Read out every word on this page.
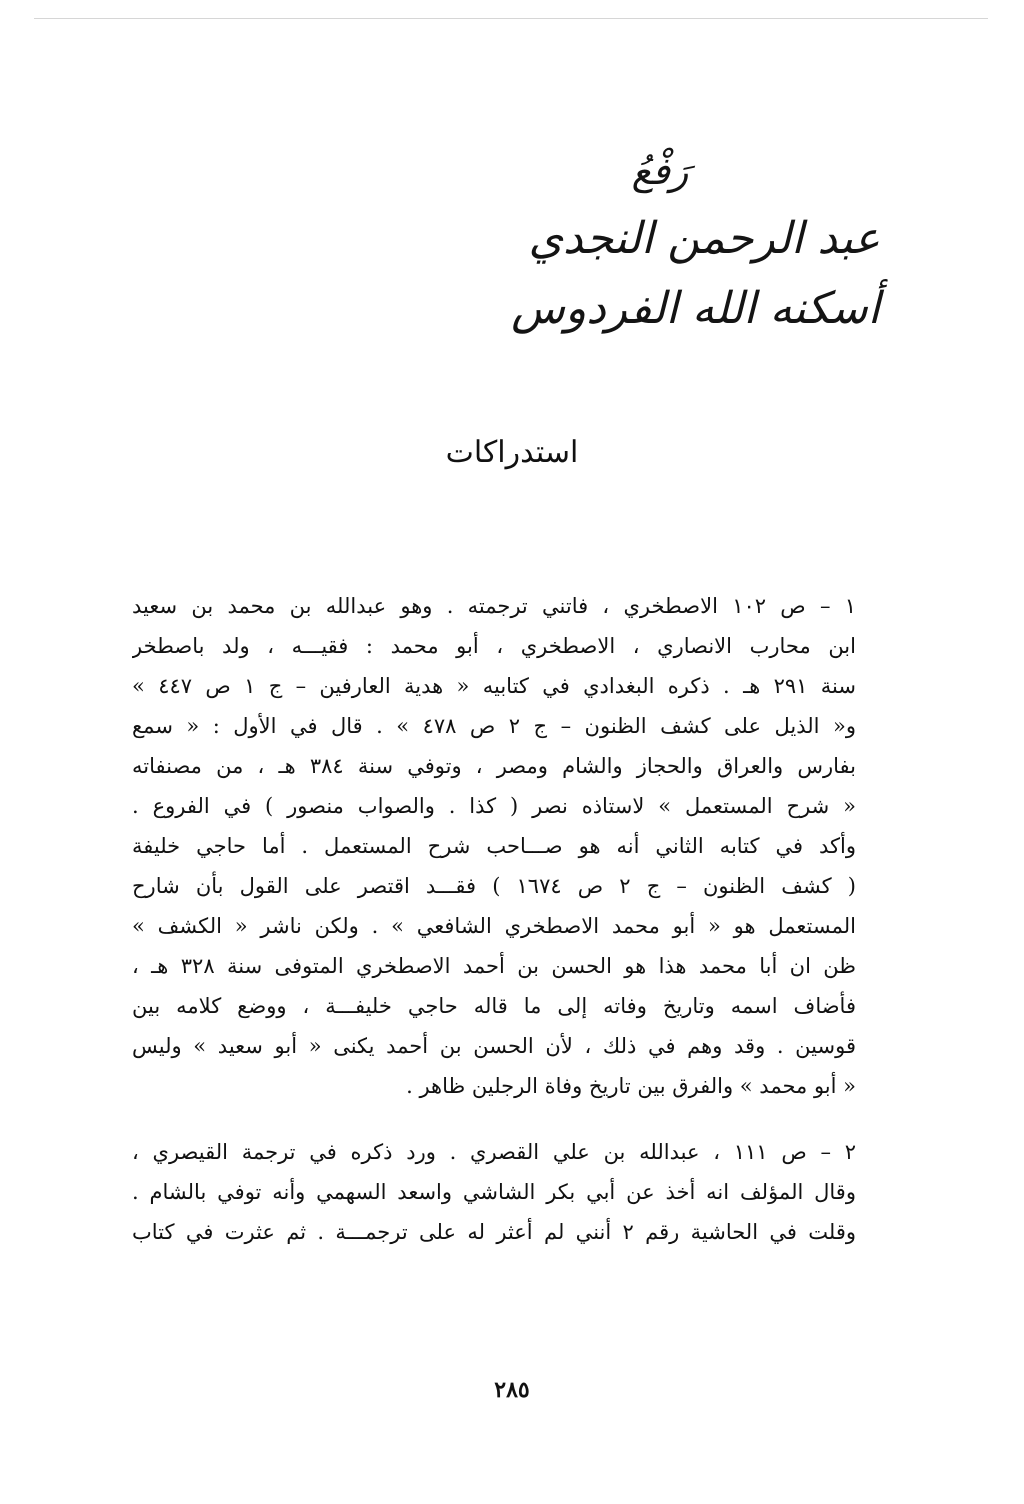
رَفْعُ
عبد الرحمن النجدي
أسكنه الله الفردوس
استدراكات
١ – ص ١٠٢ الاصطخري ، فاتني ترجمته . وهو عبدالله بن محمد بن سعيد
ابن محارب الانصاري ، الاصطخري ، أبو محمد : فقيـــه ، ولد باصطخر
سنة ٢٩١ هـ . ذكره البغدادي في كتابيه « هدية العارفين – ج ١ ص ٤٤٧ »
و« الذيل على كشف الظنون – ج ٢ ص ٤٧٨ » . قال في الأول : « سمع
بفارس والعراق والحجاز والشام ومصر ، وتوفي سنة ٣٨٤ هـ ، من مصنفاته
« شرح المستعمل » لاستاذه نصر ( كذا . والصواب منصور ) في الفروع .
وأكد في كتابه الثاني أنه هو صـــاحب شرح المستعمل . أما حاجي خليفة
( كشف الظنون – ج ٢ ص ١٦٧٤ ) فقـــد اقتصر على القول بأن شارح
المستعمل هو « أبو محمد الاصطخري الشافعي » . ولكن ناشر « الكشف »
ظن ان أبا محمد هذا هو الحسن بن أحمد الاصطخري المتوفى سنة ٣٢٨ هـ ،
فأضاف اسمه وتاريخ وفاته إلى ما قاله حاجي خليفـــة ، ووضع كلامه بين
قوسين . وقد وهم في ذلك ، لأن الحسن بن أحمد يكنى « أبو سعيد » وليس
« أبو محمد » والفرق بين تاريخ وفاة الرجلين ظاهر .
٢ – ص ١١١ ، عبدالله بن علي القصري . ورد ذكره في ترجمة القيصري ،
وقال المؤلف انه أخذ عن أبي بكر الشاشي واسعد السهمي وأنه توفي بالشام .
وقلت في الحاشية رقم ٢ أنني لم أعثر له على ترجمـــة . ثم عثرت في كتاب
٢٨٥
